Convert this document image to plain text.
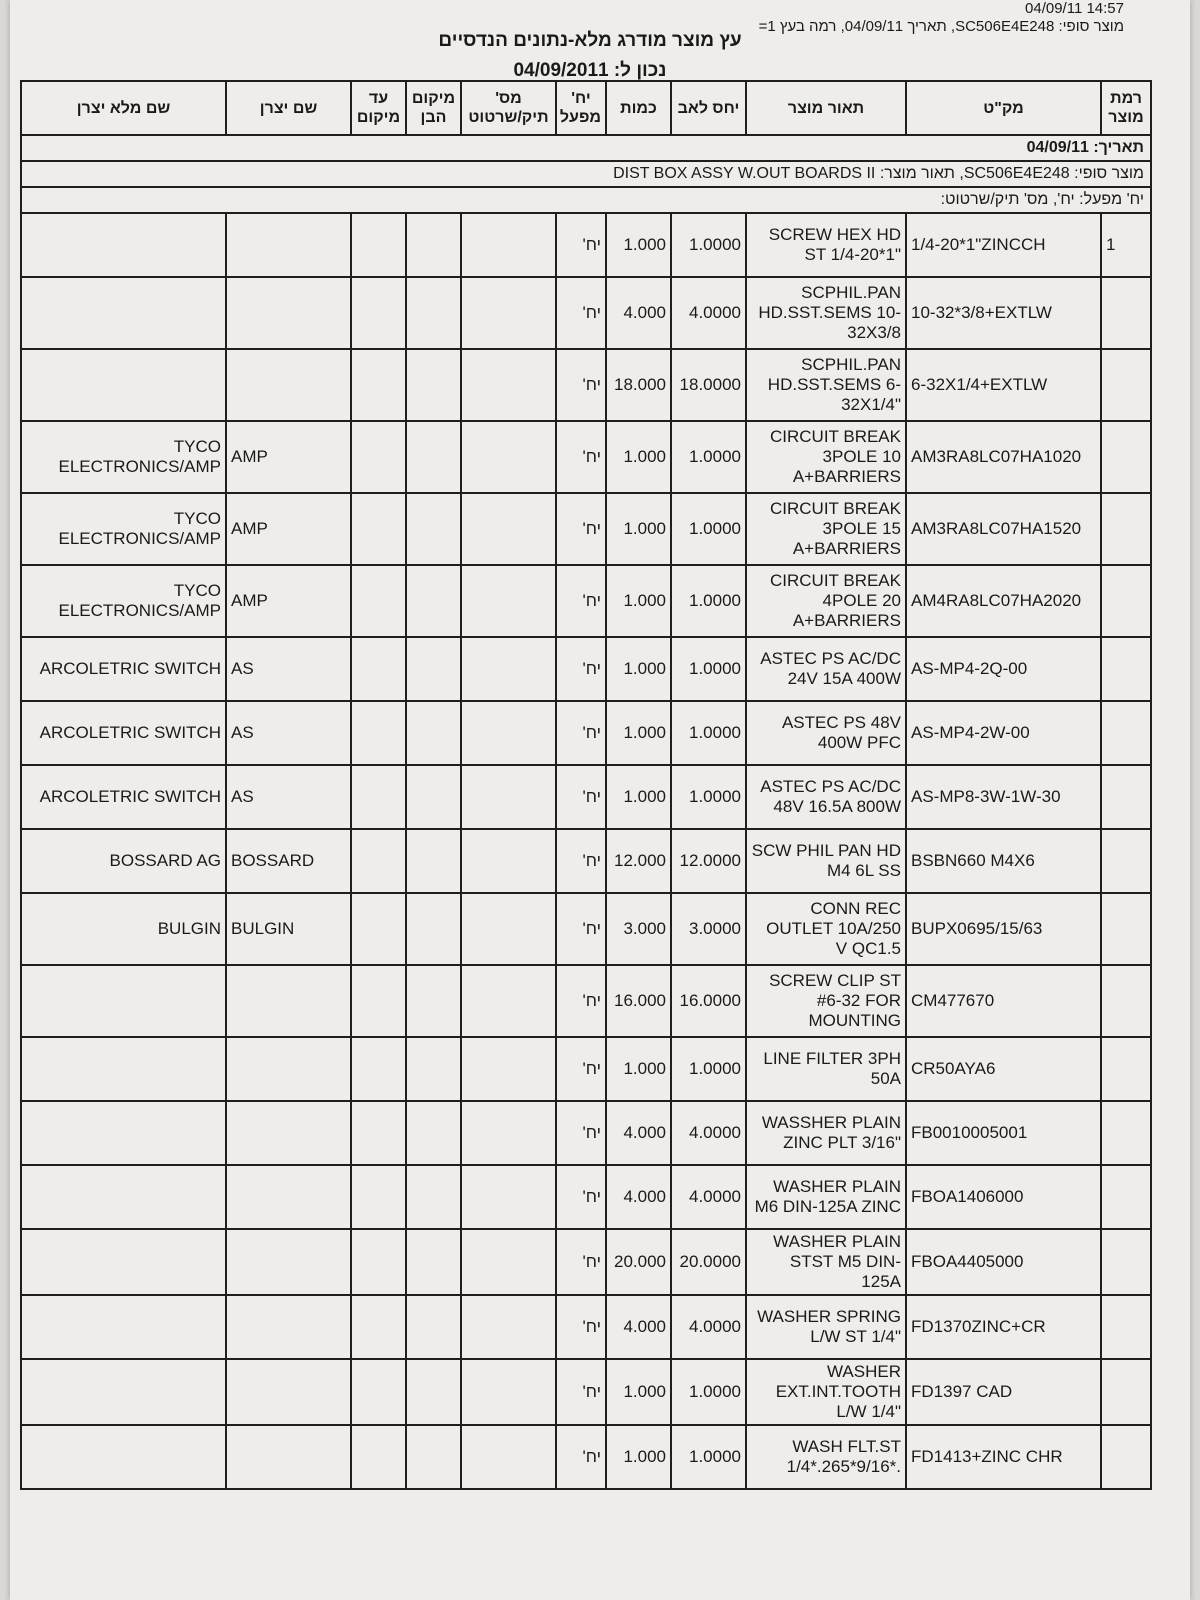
04/09/11 14:57
מוצר סופי: SC506E4E248, תאריך 04/09/11, רמה בעץ 1=
עץ מוצר מודרג מלא-נתונים הנדסיים
נכון ל: 04/09/2011
רמת מוצר	מק"ט	תאור מוצר	יחס לאב	כמות	יח' מפעל	מס' תיק/שרטוט	מיקום הבן	עד מיקום	שם יצרן	שם מלא יצרן
תאריך: 04/09/11										
מוצר סופי: SC506E4E248, תאור מוצר: DIST BOX ASSY W.OUT BOARDS II										
יח' מפעל: יח', מס' תיק/שרטוט:										
1	1/4-20*1"ZINCCH	SCREW HEX HD ST 1/4-20*1"	1.0000	1.000	יח'					
	10-32*3/8+EXTLW	SCPHIL.PAN HD.SST.SEMS 10-32X3/8	4.0000	4.000	יח'					
	6-32X1/4+EXTLW	SCPHIL.PAN HD.SST.SEMS 6-32X1/4"	18.0000	18.000	יח'					
	AM3RA8LC07HA1020	CIRCUIT BREAK 3POLE 10 A+BARRIERS	1.0000	1.000	יח'				AMP	TYCO ELECTRONICS/AMP
	AM3RA8LC07HA1520	CIRCUIT BREAK 3POLE 15 A+BARRIERS	1.0000	1.000	יח'				AMP	TYCO ELECTRONICS/AMP
	AM4RA8LC07HA2020	CIRCUIT BREAK 4POLE 20 A+BARRIERS	1.0000	1.000	יח'				AMP	TYCO ELECTRONICS/AMP
	AS-MP4-2Q-00	ASTEC PS AC/DC 24V 15A 400W	1.0000	1.000	יח'				AS	ARCOLETRIC SWITCH
	AS-MP4-2W-00	ASTEC PS 48V 400W PFC	1.0000	1.000	יח'				AS	ARCOLETRIC SWITCH
	AS-MP8-3W-1W-30	ASTEC PS AC/DC 48V 16.5A 800W	1.0000	1.000	יח'				AS	ARCOLETRIC SWITCH
	BSBN660 M4X6	SCW PHIL PAN HD M4 6L SS	12.0000	12.000	יח'				BOSSARD	BOSSARD AG
	BUPX0695/15/63	CONN REC OUTLET 10A/250 V QC1.5	3.0000	3.000	יח'				BULGIN	BULGIN
	CM477670	SCREW CLIP ST #6-32 FOR MOUNTING	16.0000	16.000	יח'					
	CR50AYA6	LINE FILTER 3PH 50A	1.0000	1.000	יח'					
	FB0010005001	WASSHER PLAIN ZINC PLT 3/16"	4.0000	4.000	יח'					
	FBOA1406000	WASHER PLAIN M6 DIN-125A ZINC	4.0000	4.000	יח'					
	FBOA4405000	WASHER PLAIN STST M5 DIN-125A	20.0000	20.000	יח'					
	FD1370ZINC+CR	WASHER SPRING L/W ST 1/4"	4.0000	4.000	יח'					
	FD1397 CAD	WASHER EXT.INT.TOOTH L/W 1/4"	1.0000	1.000	יח'					
	FD1413+ZINC CHR	WASH FLT.ST 1/4*.265*9/16*.	1.0000	1.000	יח'					
